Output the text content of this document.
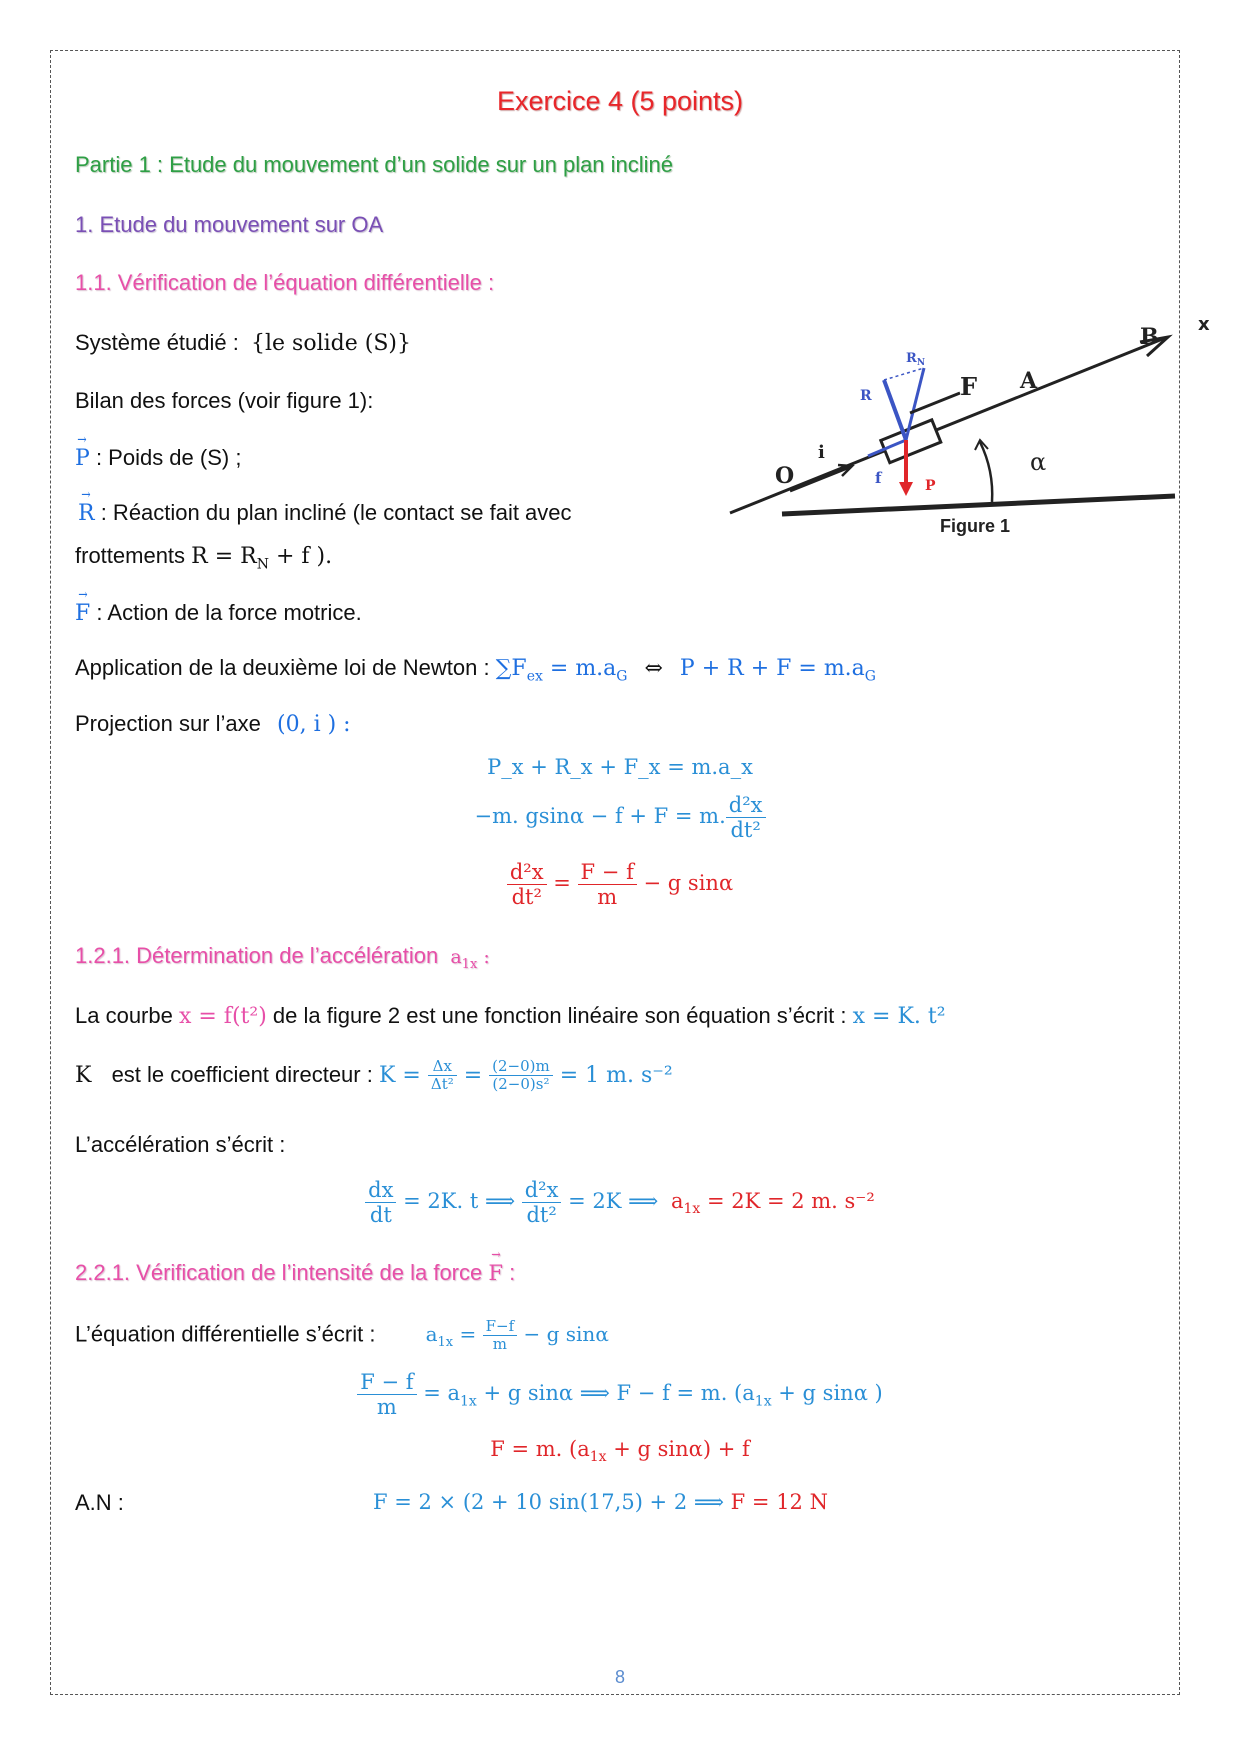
Exercice 4 (5 points)
Partie 1 : Etude du mouvement d’un solide sur un plan incliné
1. Etude du mouvement sur OA
1.1. Vérification de l’équation différentielle :
Système étudié : {le solide (S)}
Bilan des forces (voir figure 1):
→ P : Poids de (S) ;
→ R : Réaction du plan incliné (le contact se fait avec
frottements $R = R_N + f$ ).
→ F : Action de la force motrice.
Application de la deuxième loi de Newton : $\sum F_{ex} = m.a_G$ ⇔ $P + R + F = m.a_G$
Projection sur l’axe (0, i ) :
P_x + R_x + F_x = m.a_x
−m. gsinα − f + F = m. $\frac{\text{d²x}}{\text{dt²}}$
$\frac{\text{d²x}}{\text{dt²}} = \frac{F - f}{m} - g$ sinα
1.2.1. Détermination de l’accélération $a_{1x}$ :
La courbe x = f(t²) de la figure 2 est une fonction linéaire son équation s’écrit : x = K. t²
K est le coefficient directeur : $K = \frac{\Delta x}{\text{Δt²}} = \frac{(2-0)m}{\text{(2−0)s²}} = 1$ m. s⁻²
L’accélération s’écrit :
$\frac{dx}{dt} = 2K$. t ⟹ $\frac{\text{d²x}}{\text{dt²}} = 2K$ ⟹ $a_{1x} = 2K = 2$ m. s⁻²
2.2.1. Vérification de l’intensité de la force → F :
L’équation différentielle s’écrit :	$a_{1x} = \frac{F-f}{m} - g$ sinα
$\frac{F - f}{m} = a_{1x} + g$ sinα ⟹ F − f = m. ($a_{1x} + g$ sinα )
F = m. ($a_{1x} + g$ sinα) + f
A.N :	F = 2 × (2 + 10 sin(17,5) + 2 ⟹ F = 12 N
O
A
B x
α
i
F
R
$R_N$
f	P
Figure 1
8
